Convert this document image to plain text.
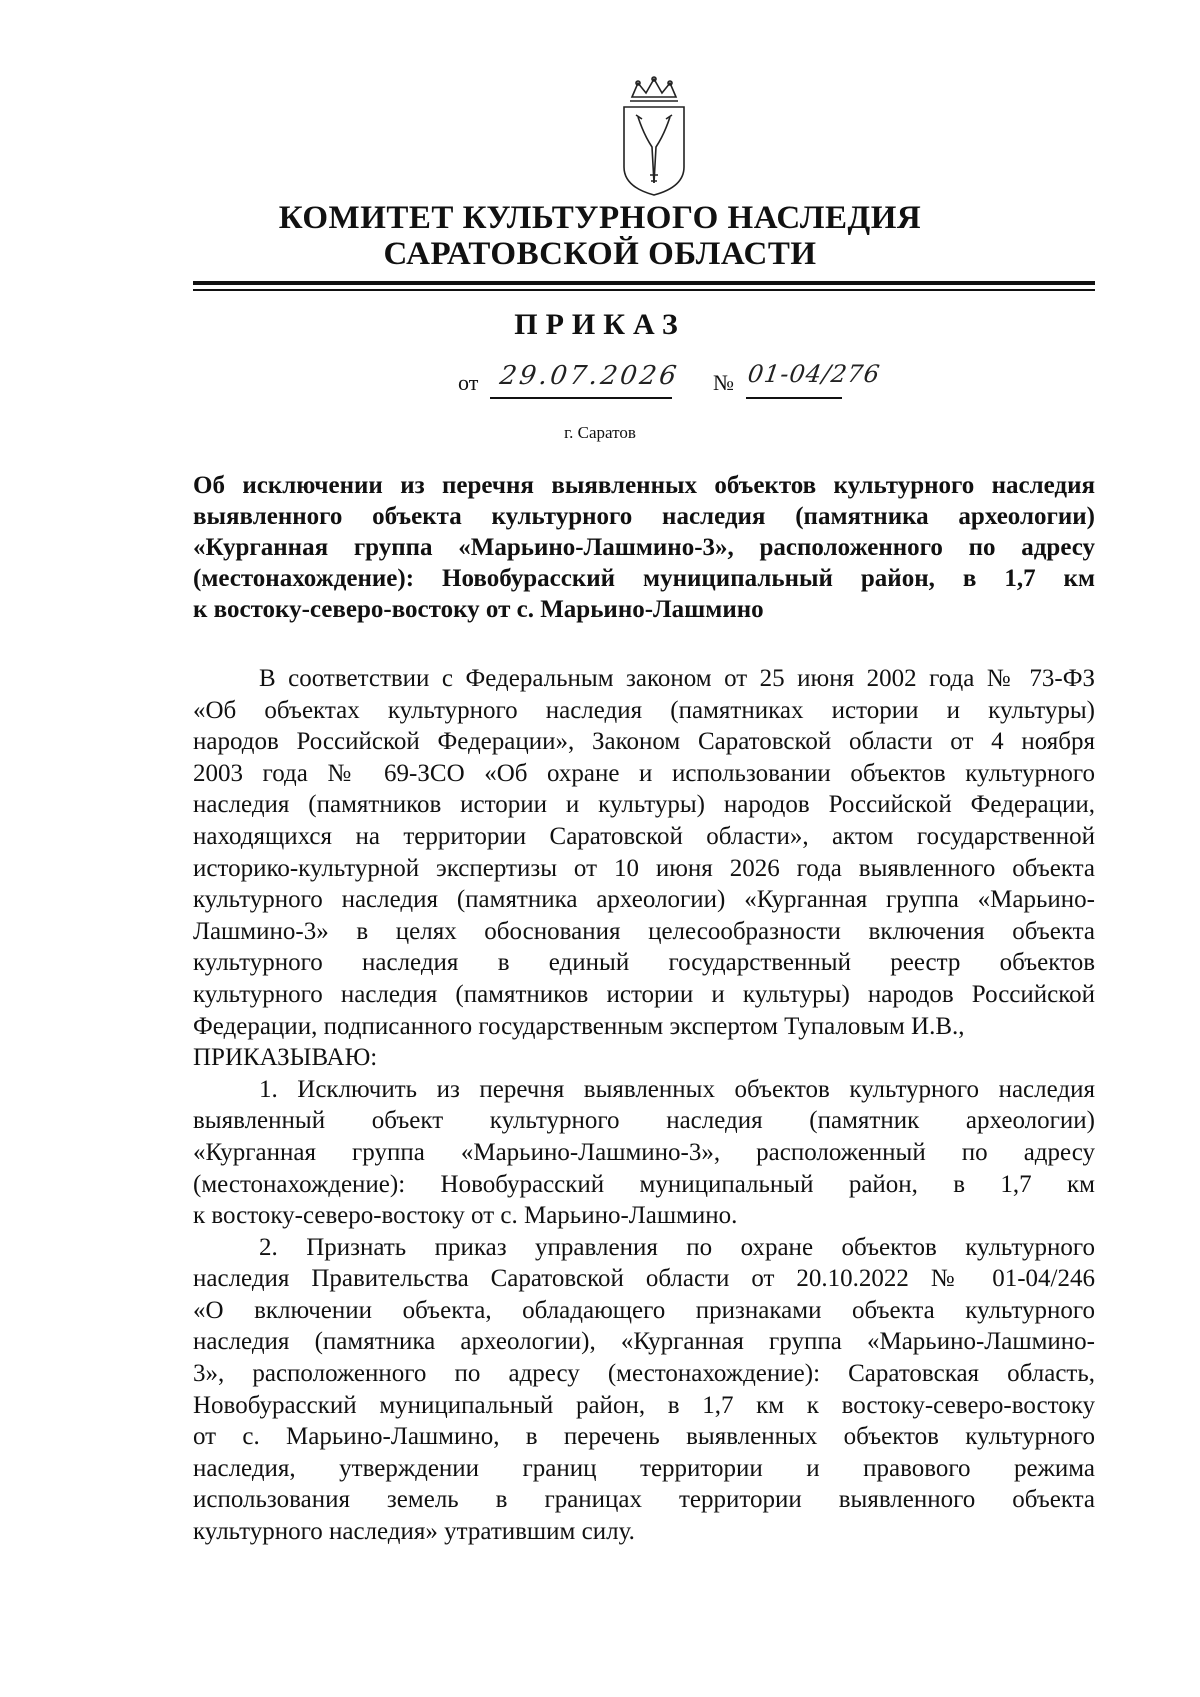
КОМИТЕТ КУЛЬТУРНОГО НАСЛЕДИЯ
САРАТОВСКОЙ ОБЛАСТИ
ПРИКАЗ
от 29.07.2026 № 01-04/276
г. Саратов
Об исключении из перечня выявленных объектов культурного наследия
выявленного объекта культурного наследия (памятника археологии)
«Курганная группа «Марьино-Лашмино-3», расположенного по адресу
(местонахождение): Новобурасский муниципальный район, в 1,7 км
к востоку-северо-востоку от с. Марьино-Лашмино
В соответствии с Федеральным законом от 25 июня 2002 года № 73-ФЗ
«Об объектах культурного наследия (памятниках истории и культуры)
народов Российской Федерации», Законом Саратовской области от 4 ноября
2003 года № 69-ЗСО «Об охране и использовании объектов культурного
наследия (памятников истории и культуры) народов Российской Федерации,
находящихся на территории Саратовской области», актом государственной
историко-культурной экспертизы от 10 июня 2026 года выявленного объекта
культурного наследия (памятника археологии) «Курганная группа «Марьино-
Лашмино-3» в целях обоснования целесообразности включения объекта
культурного наследия в единый государственный реестр объектов
культурного наследия (памятников истории и культуры) народов Российской
Федерации, подписанного государственным экспертом Тупаловым И.В.,
ПРИКАЗЫВАЮ:
1. Исключить из перечня выявленных объектов культурного наследия
выявленный объект культурного наследия (памятник археологии)
«Курганная группа «Марьино-Лашмино-3», расположенный по адресу
(местонахождение): Новобурасский муниципальный район, в 1,7 км
к востоку-северо-востоку от с. Марьино-Лашмино.
2. Признать приказ управления по охране объектов культурного
наследия Правительства Саратовской области от 20.10.2022 № 01-04/246
«О включении объекта, обладающего признаками объекта культурного
наследия (памятника археологии), «Курганная группа «Марьино-Лашмино-
3», расположенного по адресу (местонахождение): Саратовская область,
Новобурасский муниципальный район, в 1,7 км к востоку-северо-востоку
от с. Марьино-Лашмино, в перечень выявленных объектов культурного
наследия, утверждении границ территории и правового режима
использования земель в границах территории выявленного объекта
культурного наследия» утратившим силу.
